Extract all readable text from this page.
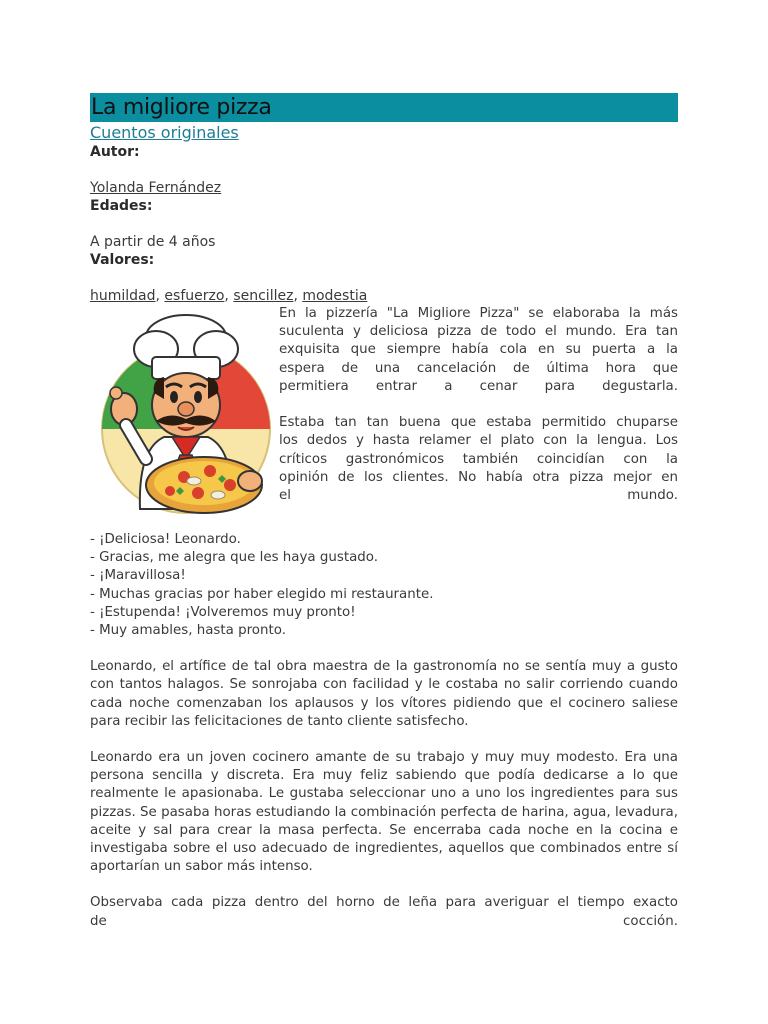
La migliore pizza
Cuentos originales
Autor:
Yolanda Fernández
Edades:
A partir de 4 años
Valores:
humildad, esfuerzo, sencillez, modestia
En la pizzería "La Migliore Pizza" se elaboraba la más
suculenta y deliciosa pizza de todo el mundo. Era tan
exquisita que siempre había cola en su puerta a la
espera de una cancelación de última hora que
permitiera entrar a cenar para degustarla.
Estaba tan tan buena que estaba permitido chuparse
los dedos y hasta relamer el plato con la lengua. Los
críticos gastronómicos también coincidían con la
opinión de los clientes. No había otra pizza mejor en
el mundo.
- ¡Deliciosa! Leonardo.
- Gracias, me alegra que les haya gustado.
- ¡Maravillosa!
- Muchas gracias por haber elegido mi restaurante.
- ¡Estupenda! ¡Volveremos muy pronto!
- Muy amables, hasta pronto.
Leonardo, el artífice de tal obra maestra de la gastronomía no se sentía muy a gusto con tantos halagos. Se sonrojaba con facilidad y le costaba no salir corriendo cuando cada noche comenzaban los aplausos y los vítores pidiendo que el cocinero saliese para recibir las felicitaciones de tanto cliente satisfecho.
Leonardo era un joven cocinero amante de su trabajo y muy muy modesto. Era una persona sencilla y discreta. Era muy feliz sabiendo que podía dedicarse a lo que realmente le apasionaba. Le gustaba seleccionar uno a uno los ingredientes para sus pizzas. Se pasaba horas estudiando la combinación perfecta de harina, agua, levadura, aceite y sal para crear la masa perfecta. Se encerraba cada noche en la cocina e investigaba sobre el uso adecuado de ingredientes, aquellos que combinados entre sí aportarían un sabor más intenso.
Observaba cada pizza dentro del horno de leña para averiguar el tiempo exacto
de cocción.
